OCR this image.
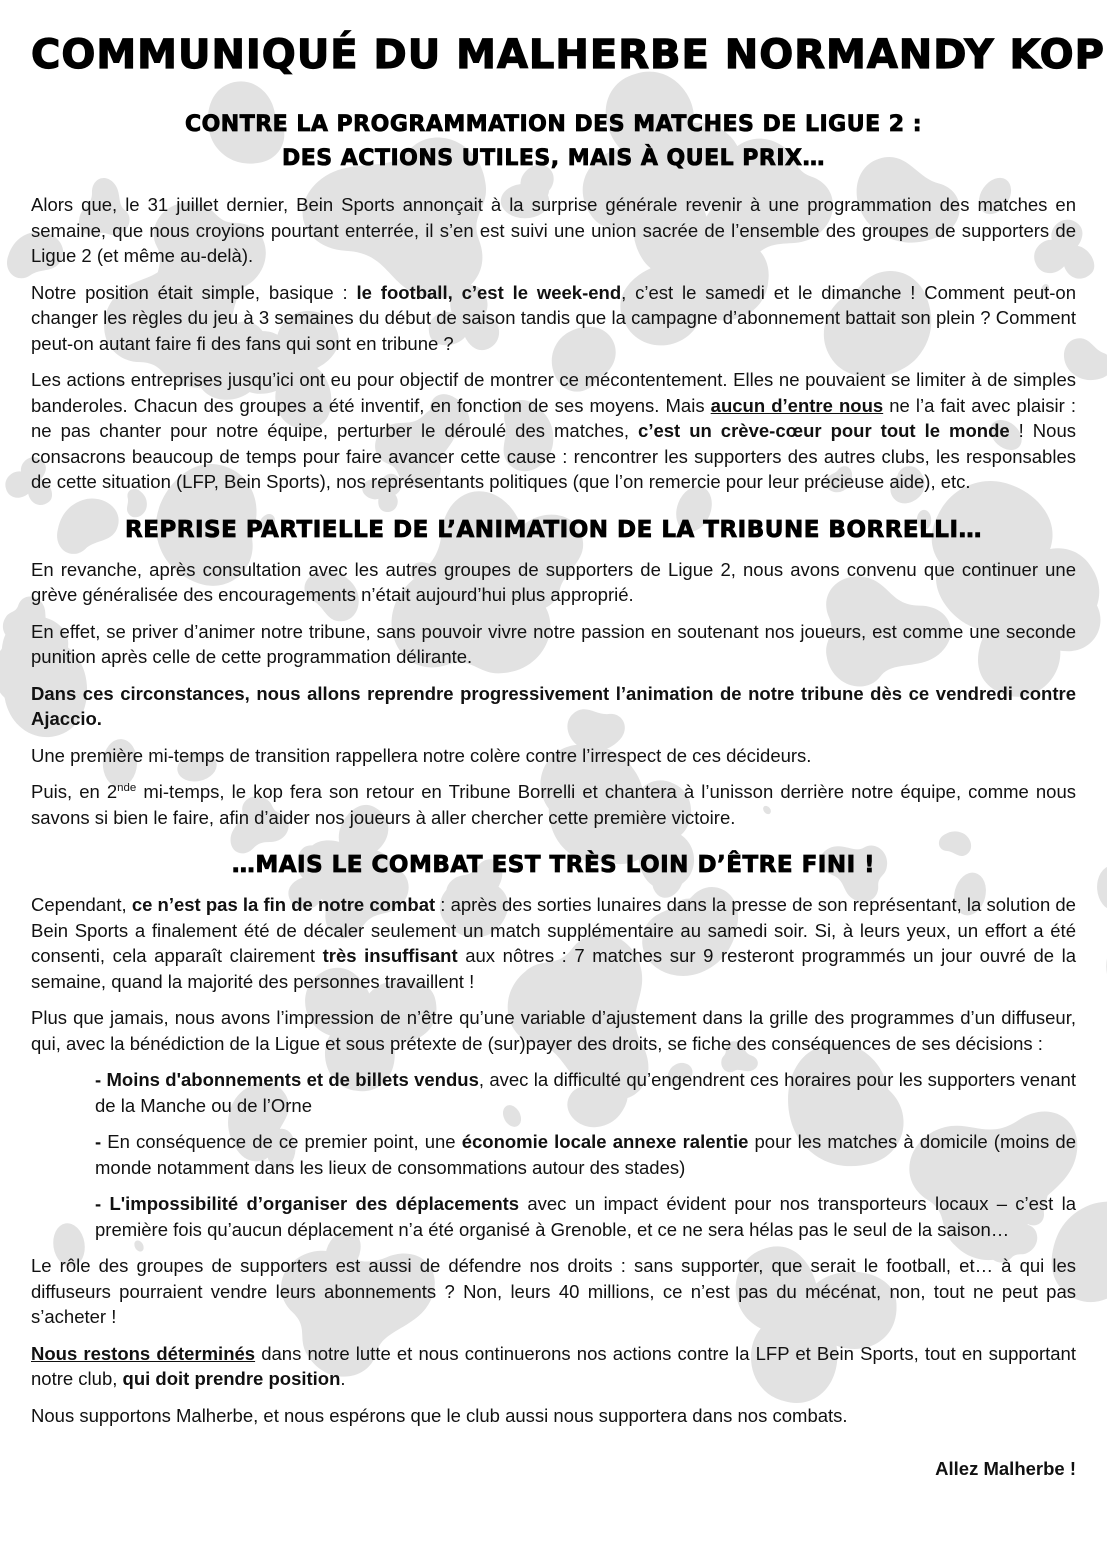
COMMUNIQUÉ DU MALHERBE NORMANDY KOP
CONTRE LA PROGRAMMATION DES MATCHES DE LIGUE 2 :
DES ACTIONS UTILES, MAIS À QUEL PRIX…

Alors que, le 31 juillet dernier, Bein Sports annonçait à la surprise générale revenir à une programmation des matches en semaine, que nous croyions pourtant enterrée, il s’en est suivi une union sacrée de l’ensemble des groupes de supporters de Ligue 2 (et même au-delà).

Notre position était simple, basique : le football, c’est le week-end, c’est le samedi et le dimanche ! Comment peut-on changer les règles du jeu à 3 semaines du début de saison tandis que la campagne d’abonnement battait son plein ? Comment peut-on autant faire fi des fans qui sont en tribune ?

Les actions entreprises jusqu’ici ont eu pour objectif de montrer ce mécontentement. Elles ne pouvaient se limiter à de simples banderoles. Chacun des groupes a été inventif, en fonction de ses moyens. Mais aucun d’entre nous ne l’a fait avec plaisir : ne pas chanter pour notre équipe, perturber le déroulé des matches, c’est un crève-cœur pour tout le monde ! Nous consacrons beaucoup de temps pour faire avancer cette cause : rencontrer les supporters des autres clubs, les responsables de cette situation (LFP, Bein Sports), nos représentants politiques (que l’on remercie pour leur précieuse aide), etc.

REPRISE PARTIELLE DE L’ANIMATION DE LA TRIBUNE BORRELLI…

En revanche, après consultation avec les autres groupes de supporters de Ligue 2, nous avons convenu que continuer une grève généralisée des encouragements n’était aujourd’hui plus approprié.

En effet, se priver d’animer notre tribune, sans pouvoir vivre notre passion en soutenant nos joueurs, est comme une seconde punition après celle de cette programmation délirante.

Dans ces circonstances, nous allons reprendre progressivement l’animation de notre tribune dès ce vendredi contre Ajaccio.

Une première mi-temps de transition rappellera notre colère contre l’irrespect de ces décideurs.

Puis, en 2nde mi-temps, le kop fera son retour en Tribune Borrelli et chantera à l’unisson derrière notre équipe, comme nous savons si bien le faire, afin d’aider nos joueurs à aller chercher cette première victoire.

…MAIS LE COMBAT EST TRÈS LOIN D’ÊTRE FINI !

Cependant, ce n’est pas la fin de notre combat : après des sorties lunaires dans la presse de son représentant, la solution de Bein Sports a finalement été de décaler seulement un match supplémentaire au samedi soir. Si, à leurs yeux, un effort a été consenti, cela apparaît clairement très insuffisant aux nôtres : 7 matches sur 9 resteront programmés un jour ouvré de la semaine, quand la majorité des personnes travaillent !

Plus que jamais, nous avons l’impression de n’être qu’une variable d’ajustement dans la grille des programmes d’un diffuseur, qui, avec la bénédiction de la Ligue et sous prétexte de (sur)payer des droits, se fiche des conséquences de ses décisions :

- Moins d'abonnements et de billets vendus, avec la difficulté qu’engendrent ces horaires pour les supporters venant de la Manche ou de l’Orne

- En conséquence de ce premier point, une économie locale annexe ralentie pour les matches à domicile (moins de monde notamment dans les lieux de consommations autour des stades)

- L'impossibilité d’organiser des déplacements avec un impact évident pour nos transporteurs locaux – c’est la première fois qu’aucun déplacement n’a été organisé à Grenoble, et ce ne sera hélas pas le seul de la saison…

Le rôle des groupes de supporters est aussi de défendre nos droits : sans supporter, que serait le football, et… à qui les diffuseurs pourraient vendre leurs abonnements ? Non, leurs 40 millions, ce n’est pas du mécénat, non, tout ne peut pas s’acheter !

Nous restons déterminés dans notre lutte et nous continuerons nos actions contre la LFP et Bein Sports, tout en supportant notre club, qui doit prendre position.

Nous supportons Malherbe, et nous espérons que le club aussi nous supportera dans nos combats.

Allez Malherbe !
